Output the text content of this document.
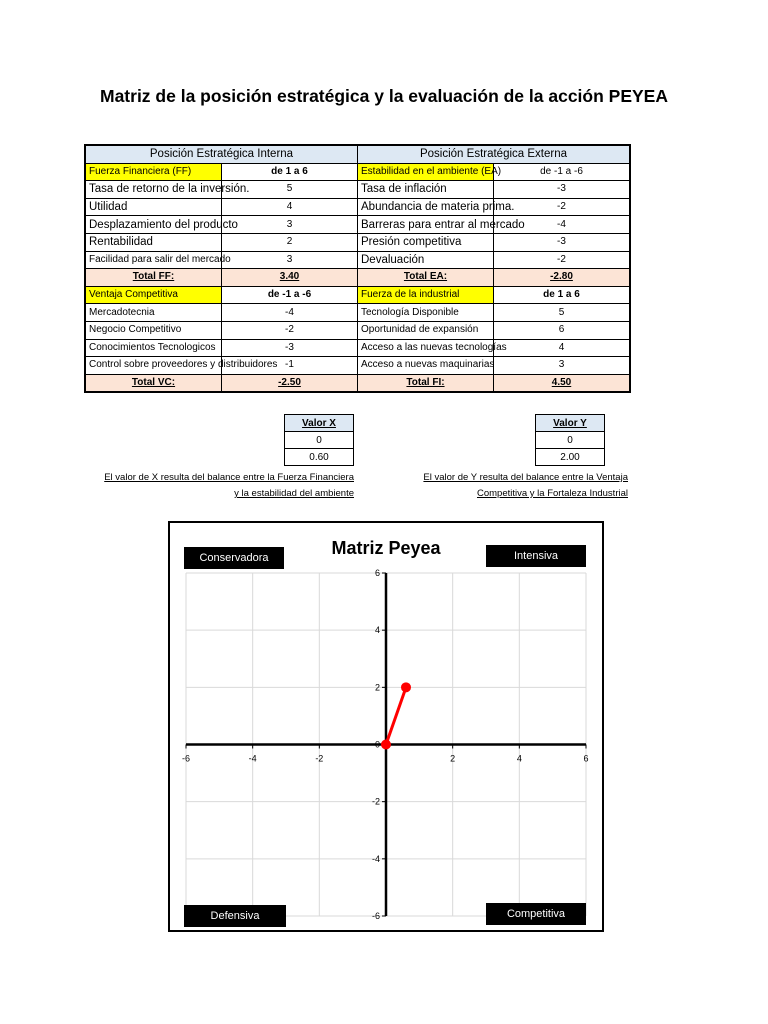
Matriz de la posición estratégica y la evaluación de la acción PEYEA
Posición Estratégica Interna		Posición Estratégica Externa	
Fuerza Financiera (FF)	de 1 a 6	Estabilidad en el ambiente (EA)	de -1 a -6
Tasa de retorno de la inversión.	5	Tasa de inflación	-3
Utilidad	4	Abundancia de materia prima.	-2
Desplazamiento del producto	3	Barreras para entrar al mercado	-4
Rentabilidad	2	Presión competitiva	-3
Facilidad para salir del mercado	3	Devaluación	-2
Total FF:	3.40	Total EA:	-2.80
Ventaja Competitiva	de -1 a -6	Fuerza de la industrial	de 1 a 6
Mercadotecnia	-4	Tecnología Disponible	5
Negocio Competitivo	-2	Oportunidad de expansión	6
Conocimientos Tecnologicos	-3	Acceso a las nuevas tecnologías	4
Control sobre proveedores y distribuidores	-1	Acceso a nuevas maquinarias	3
Total VC:	-2.50	Total FI:	4.50
Valor X
0
0.60
El valor de X resulta del balance entre la Fuerza Financiera
y la estabilidad del ambiente
Valor Y
0
2.00
El valor de Y resulta del balance entre la Ventaja
Competitiva y la Fortaleza Industrial
Matriz Peyea
-6	-4	-2	2	4	6
6
4
2
0
-2
-4
-6
Conservadora	Intensiva
Defensiva	Competitiva
